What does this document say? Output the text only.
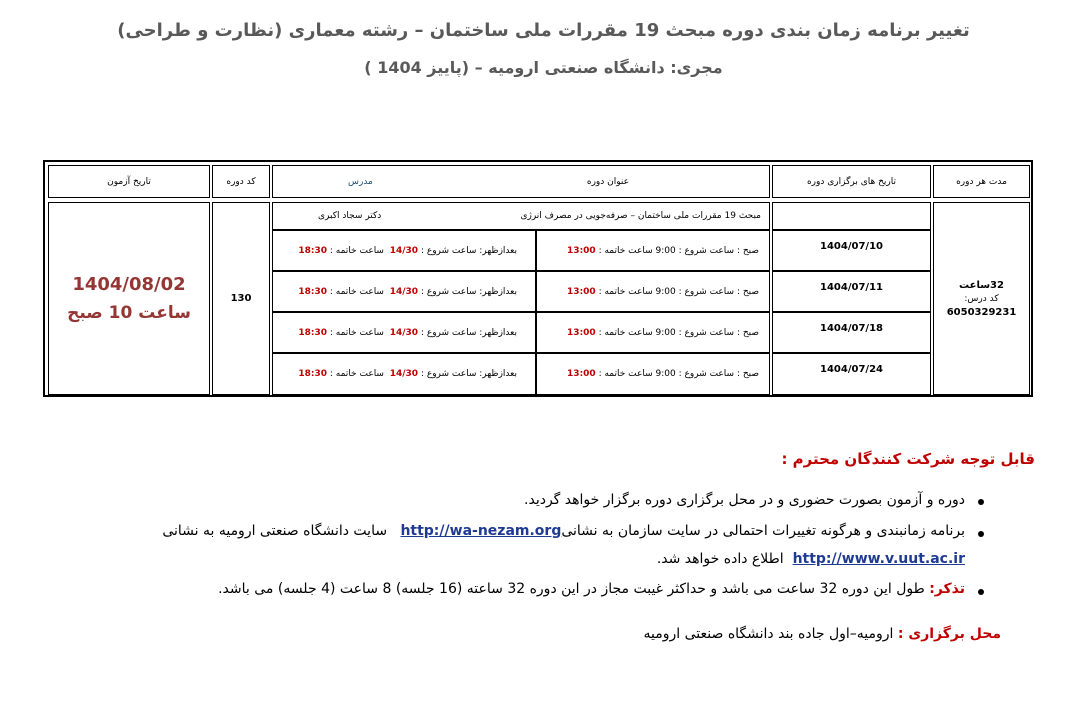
تغییر برنامه زمان بندی دوره مبحث 19 مقررات ملی ساختمان – رشته معماری (نظارت و طراحی)
مجری: دانشگاه صنعتی ارومیه – (پاییز 1404 )
مدت هر دوره
تاریخ های برگزاری دوره
عنوان دوره
مدرس
کد دوره
تاریخ آزمون
32ساعت
کد درس:
6050329231
1404/07/10
1404/07/11
1404/07/18
1404/07/24
مبحث 19 مقررات ملی ساختمان – صرفه‌جویی در مصرف انرژی
دکتر سجاد اکبری
صبح : ساعت شروع : 9:00 ساعت خاتمه : 13:00
بعدازظهر: ساعت شروع : 14/30  ساعت خاتمه : 18:30
صبح : ساعت شروع : 9:00 ساعت خاتمه : 13:00
بعدازظهر: ساعت شروع : 14/30  ساعت خاتمه : 18:30
صبح : ساعت شروع : 9:00 ساعت خاتمه : 13:00
بعدازظهر: ساعت شروع : 14/30  ساعت خاتمه : 18:30
صبح : ساعت شروع : 9:00 ساعت خاتمه : 13:00
بعدازظهر: ساعت شروع : 14/30  ساعت خاتمه : 18:30
130
1404/08/02
ساعت 10 صبح
قابل توجه شرکت کنندگان محترم :
دوره و آزمون بصورت حضوری و در محل برگزاری دوره برگزار خواهد گردید.
برنامه زمانبندی و هرگونه تغییرات احتمالی در سایت سازمان به نشانیhttp://wa-nezam.org   سایت دانشگاه صنعتی ارومیه به نشانی
http://www.v.uut.ac.ir  اطلاع داده خواهد شد.
تذکر: طول این دوره 32 ساعت می باشد و حداکثر غیبت مجاز در این دوره 32 ساعته (16 جلسه) 8 ساعت (4 جلسه) می باشد.
محل برگزاری : ارومیه–اول جاده بند دانشگاه صنعتی ارومیه
